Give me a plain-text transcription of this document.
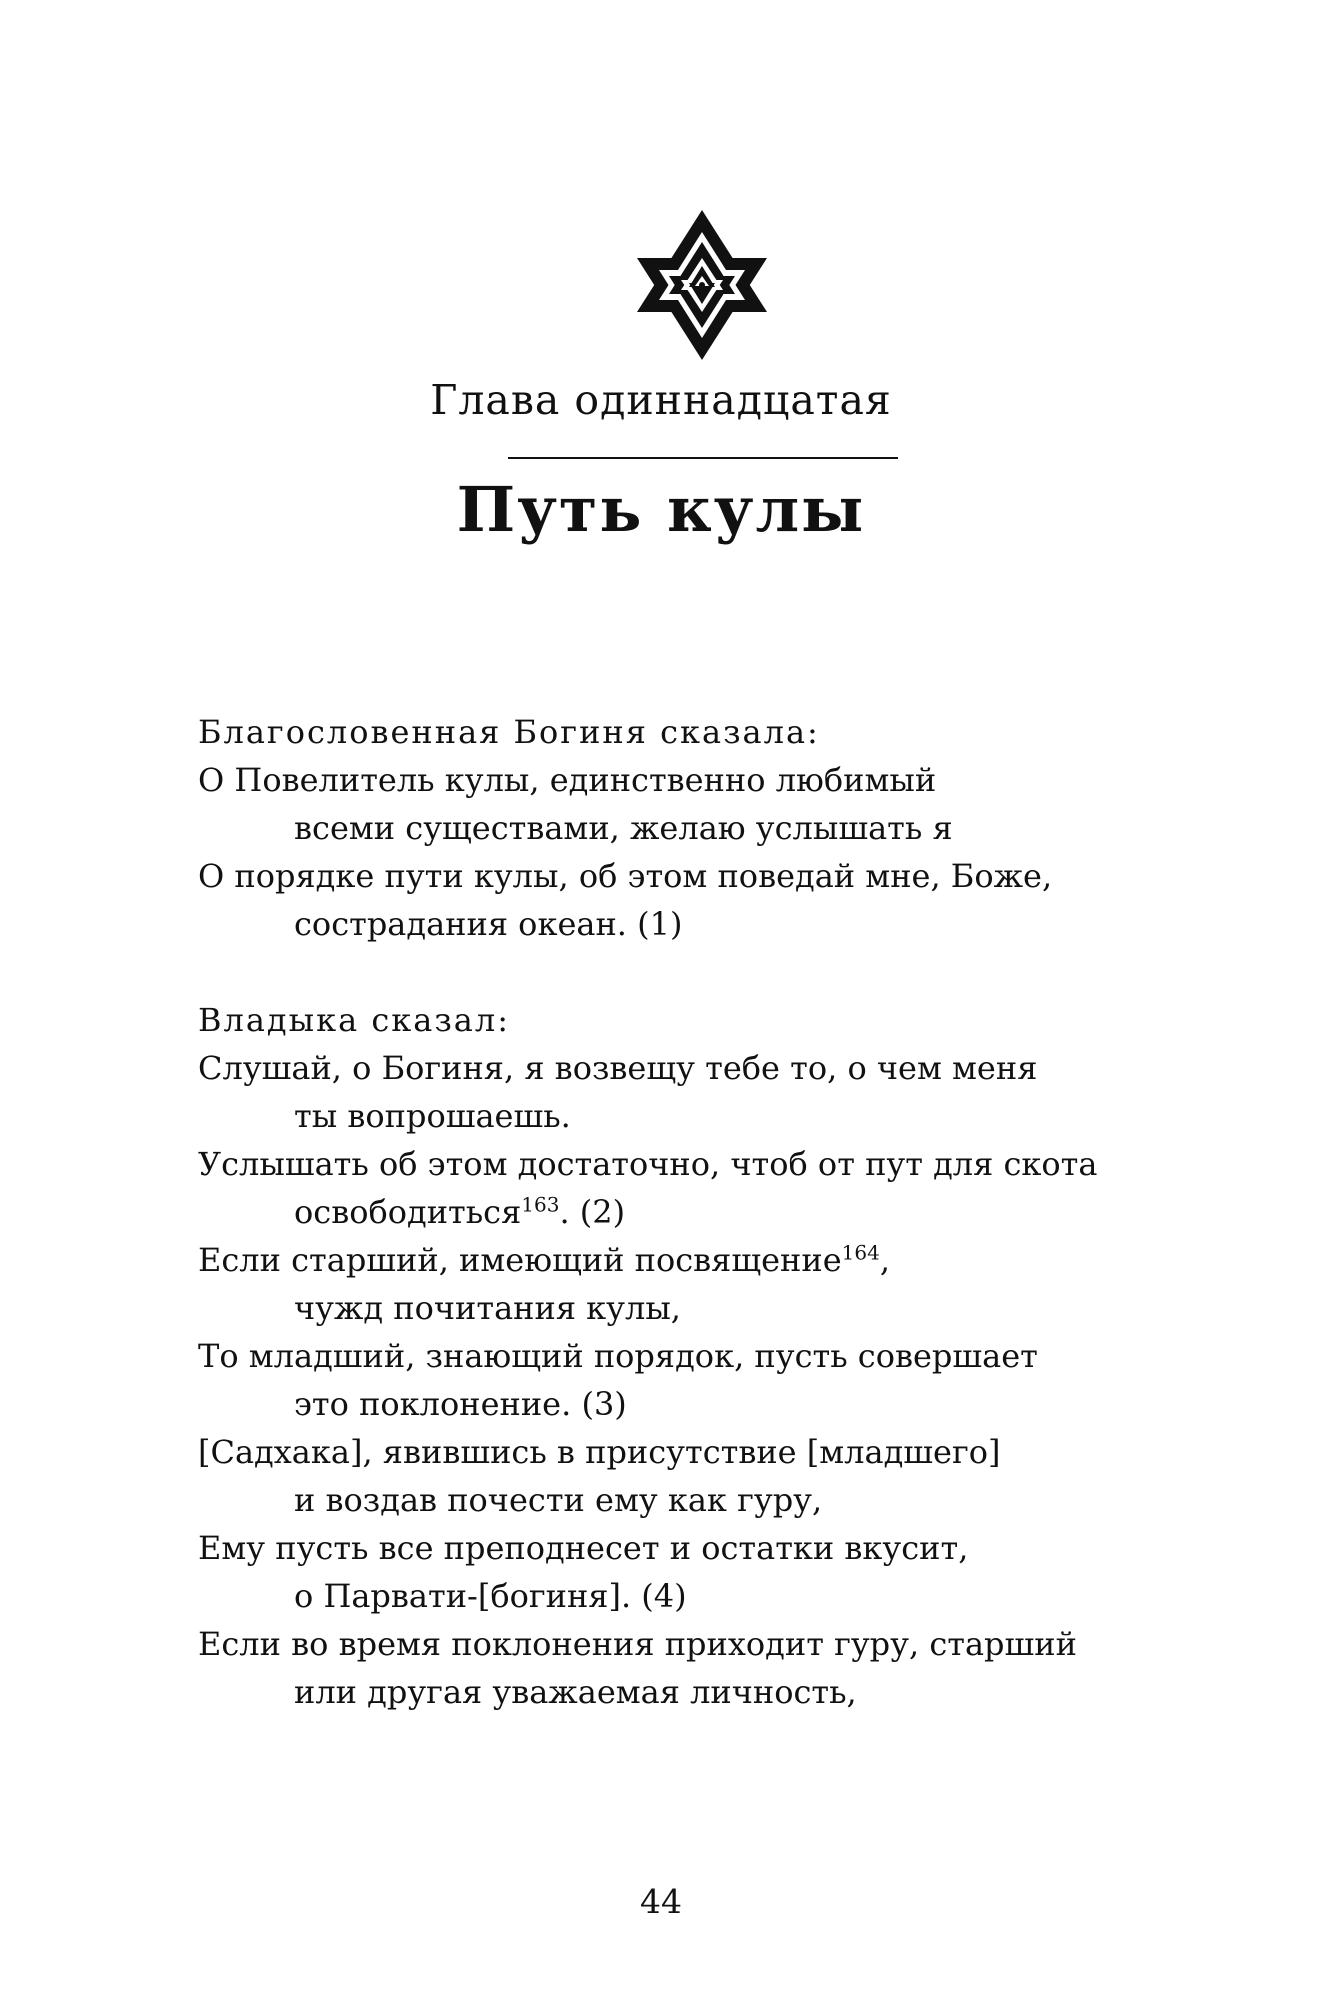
Глава одиннадцатая
Путь кулы

Благословенная Богиня сказала:

О Повелитель кулы, единственно любимый

всеми существами, желаю услышать я

О порядке пути кулы, об этом поведай мне, Боже,

сострадания океан. (1)

Владыка сказал:

Слушай, о Богиня, я возвещу тебе то, о чем меня

ты вопрошаешь.

Услышать об этом достаточно, чтоб от пут для скота

освободиться$^{163}$. (2)

Если старший, имеющий посвящение$^{164}$,

чужд почитания кулы,

То младший, знающий порядок, пусть совершает

это поклонение. (3)

[Садхака], явившись в присутствие [младшего]

и воздав почести ему как гуру,

Ему пусть все преподнесет и остатки вкусит,

о Парвати-[богиня]. (4)

Если во время поклонения приходит гуру, старший

или другая уважаемая личность,

44
